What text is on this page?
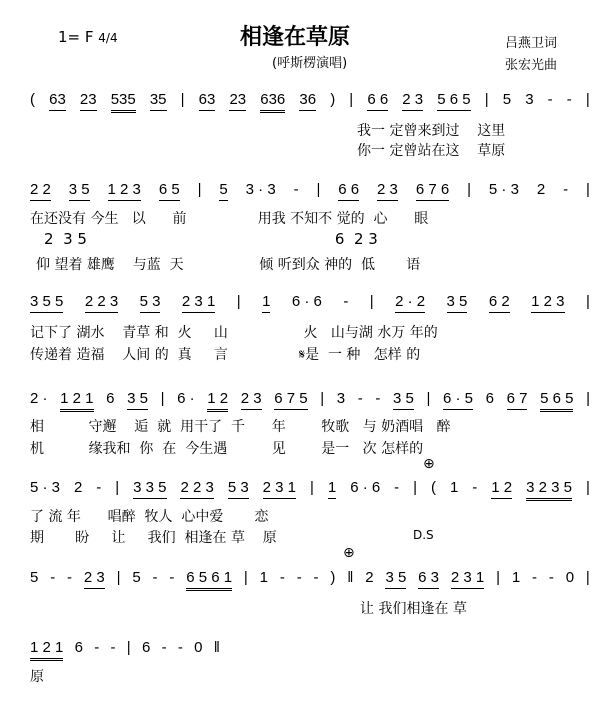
1= F 4/4	相逢在草原
(呼斯楞演唱)
吕燕卫词
张宏光曲
( 63 23 535 35 | 63 23 636 36 ) | 6 6 2 3 5 6 5 | 5 3 - - |
我一 定曾来到过    这里
你一 定曾站在这    草原
2 2 3 5 1 2 3 6 5 | 5 3 · 3 - | 6 6 2 3 6 7 6 | 5 · 3 2 - |
在还没有 今生   以      前                用我 不知不 觉的  心      眼
2  3 5                                                    6  2 3
仰 望着 雄鹰    与蓝  天                 倾 听到众 神的  低       语
3 5 5 2 2 3 5 3 2 3 1 | 1 6 · 6 - | 2 · 2 3 5 6 2 1 2 3 |
记下了 湖水    青草 和  火     山                 火   山与湖 水万 年的
传递着 造福    人间 的  真     言                𝄋是  一 种   怎样 的
2 · 1 2 1 6 3 5 | 6 · 1 2 2 3 6 7 5 | 3 - - 3 5 | 6 · 5 6 6 7 5 6 5 |
相          守邂    逅  就  用干了  千      年        牧歌   与 奶酒唱   醉
机          缘我和  你  在  今生遇          见        是一   次 怎样的
⊕
5 · 3 2 - | 3 3 5 2 2 3 5 3 2 3 1 | 1 6 · 6 - | ( 1 - 1 2 3 2 3 5 |
了 流 年      唱醉  牧人  心中爱       恋
期       盼     让     我们  相逢在 草    原	D.S
⊕
5 - - 2 3 | 5 - - 6 5 6 1 | 1 - - - ) ‖ 2 3 5 6 3 2 3 1 | 1 - - 0 |
让 我们相逢在 草
1 2 1 6 - - | 6 - - 0 ‖
原
